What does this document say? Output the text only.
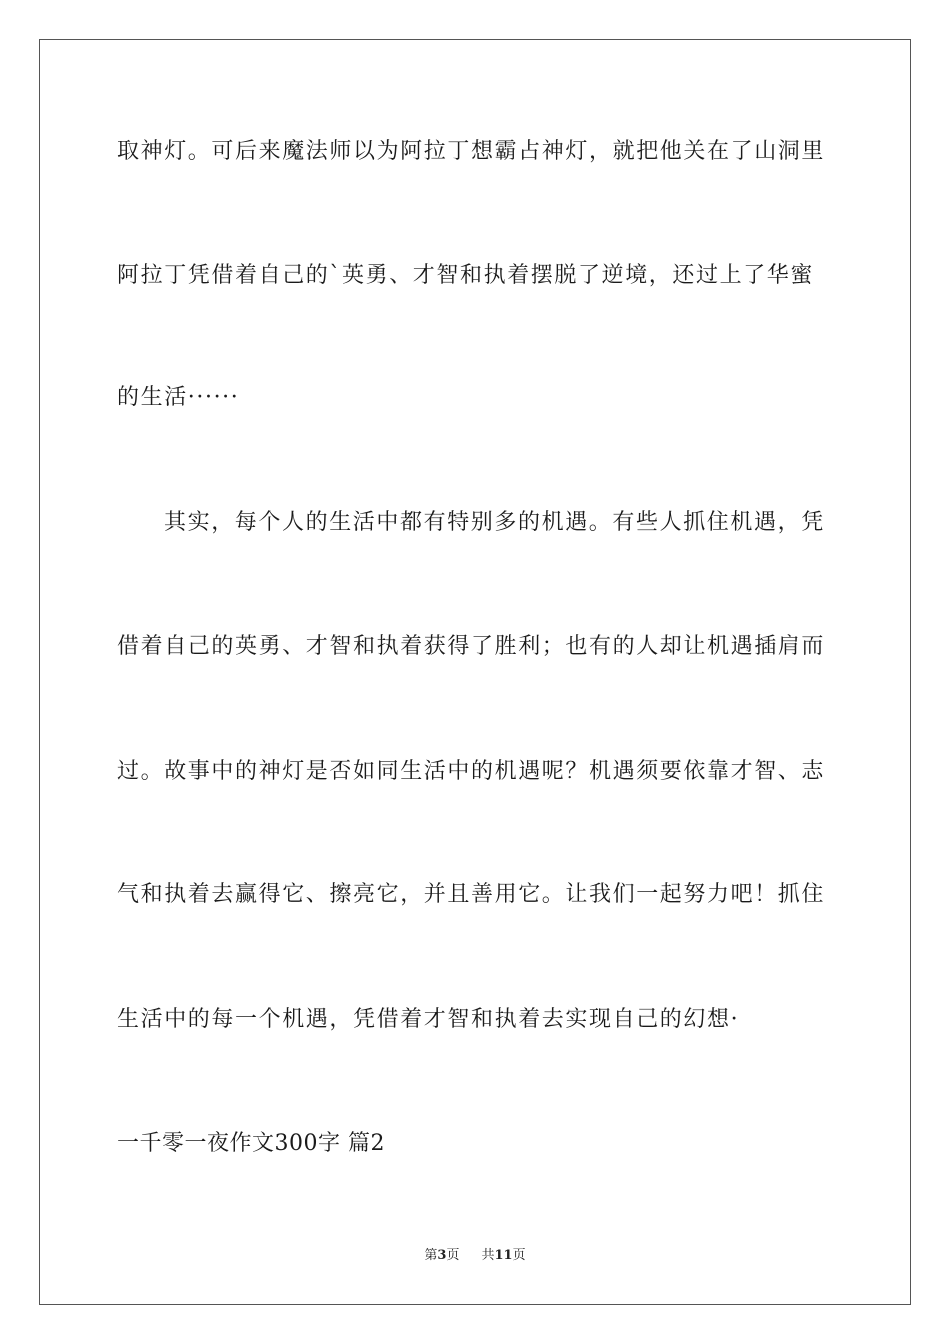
取神灯。可后来魔法师以为阿拉丁想霸占神灯，就把他关在了山洞里
阿拉丁凭借着自己的`英勇、才智和执着摆脱了逆境，还过上了华蜜
的生活······
其实，每个人的生活中都有特别多的机遇。有些人抓住机遇，凭
借着自己的英勇、才智和执着获得了胜利；也有的人却让机遇插肩而
过。故事中的神灯是否如同生活中的机遇呢？机遇须要依靠才智、志
气和执着去赢得它、擦亮它，并且善用它。让我们一起努力吧！抓住
生活中的每一个机遇，凭借着才智和执着去实现自己的幻想·
一千零一夜作文300字 篇2
第3页 共11页
